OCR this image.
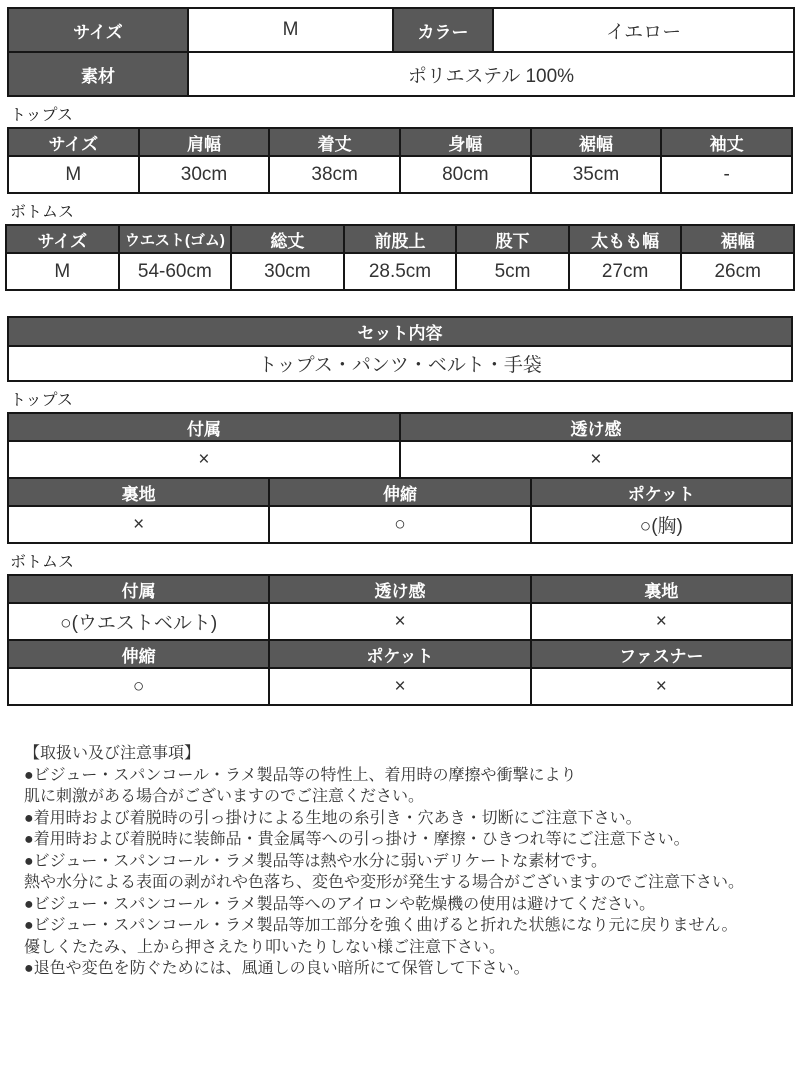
サイズ	M	カラー	イエロー
素材	ポリエステル 100%		
トップス
サイズ	肩幅	着丈	身幅	裾幅	袖丈
M	30cm	38cm	80cm	35cm	-
ボトムス
サイズ	ウエスト(ゴム)	総丈	前股上	股下	太もも幅	裾幅
M	54-60cm	30cm	28.5cm	5cm	27cm	26cm
セット内容
トップス・パンツ・ベルト・手袋
トップス
付属		透け感	
×		×	
裏地	伸縮		ポケット
×	○		○(胸)
ボトムス
付属	透け感	裏地
○(ウエストベルト)	×	×
伸縮	ポケット	ファスナー
○	×	×
【取扱い及び注意事項】
●ビジュー・スパンコール・ラメ製品等の特性上、着用時の摩擦や衝撃により
肌に刺激がある場合がございますのでご注意ください。
●着用時および着脱時の引っ掛けによる生地の糸引き・穴あき・切断にご注意下さい。
●着用時および着脱時に装飾品・貴金属等への引っ掛け・摩擦・ひきつれ等にご注意下さい。
●ビジュー・スパンコール・ラメ製品等は熱や水分に弱いデリケートな素材です。
熱や水分による表面の剥がれや色落ち、変色や変形が発生する場合がございますのでご注意下さい。
●ビジュー・スパンコール・ラメ製品等へのアイロンや乾燥機の使用は避けてください。
●ビジュー・スパンコール・ラメ製品等加工部分を強く曲げると折れた状態になり元に戻りません。
優しくたたみ、上から押さえたり叩いたりしない様ご注意下さい。
●退色や変色を防ぐためには、風通しの良い暗所にて保管して下さい。
